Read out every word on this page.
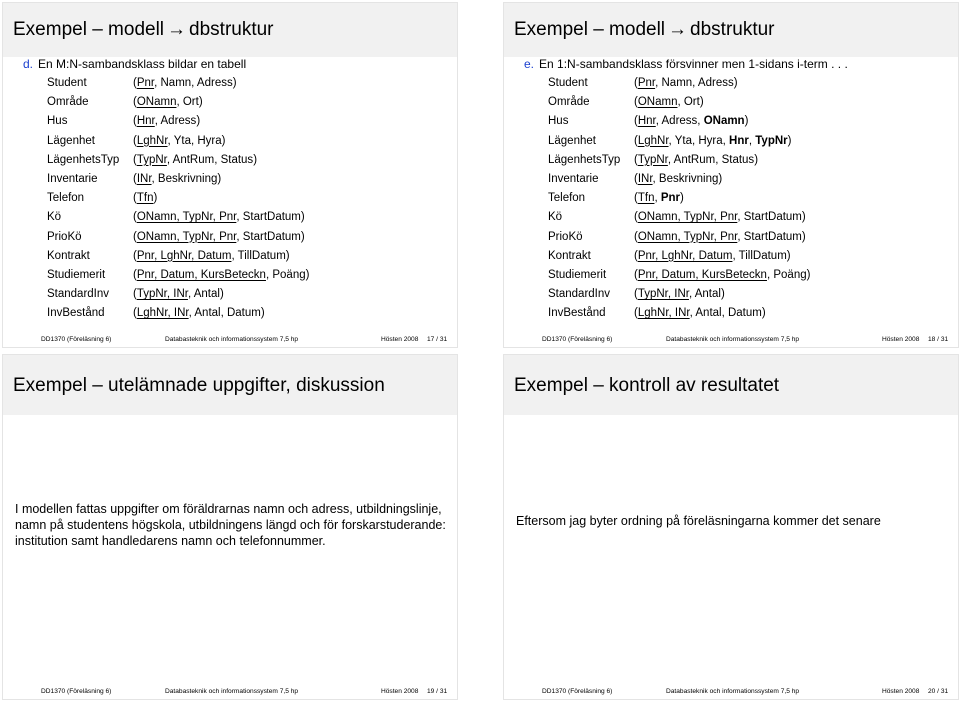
Exempel – modell → dbstruktur
d. En M:N-sambandsklass bildar en tabell
Student	(Pnr, Namn, Adress)
Område	(ONamn, Ort)
Hus	(Hnr, Adress)
Lägenhet	(LghNr, Yta, Hyra)
LägenhetsTyp (TypNr, AntRum, Status)
Inventarie	(INr, Beskrivning)
Telefon	(Tfn)
Kö	(ONamn, TypNr, Pnr, StartDatum)
PrioKö	(ONamn, TypNr, Pnr, StartDatum)
Kontrakt	(Pnr, LghNr, Datum, TillDatum)
Studiemerit (Pnr, Datum, KursBeteckn, Poäng)
StandardInv (TypNr, INr, Antal)
InvBestånd (LghNr, INr, Antal, Datum)
DD1370 (Föreläsning 6)	Databasteknik och informationssystem 7,5 hp	Hösten 2008 17 / 31
Exempel – modell → dbstruktur
e. En 1:N-sambandsklass försvinner men 1-sidans i-term . . .
Student	(Pnr, Namn, Adress)
Område	(ONamn, Ort)
Hus	(Hnr, Adress, ONamn)
Lägenhet	(LghNr, Yta, Hyra, Hnr, TypNr)
LägenhetsTyp (TypNr, AntRum, Status)
Inventarie	(INr, Beskrivning)
Telefon	(Tfn, Pnr)
Kö	(ONamn, TypNr, Pnr, StartDatum)
PrioKö	(ONamn, TypNr, Pnr, StartDatum)
Kontrakt	(Pnr, LghNr, Datum, TillDatum)
Studiemerit (Pnr, Datum, KursBeteckn, Poäng)
StandardInv (TypNr, INr, Antal)
InvBestånd (LghNr, INr, Antal, Datum)
DD1370 (Föreläsning 6)	Databasteknik och informationssystem 7,5 hp	Hösten 2008 18 / 31
Exempel – utelämnade uppgifter, diskussion
I modellen fattas uppgifter om föräldrarnas namn och adress, utbildningslinje, namn på studentens högskola, utbildningens längd och för forskarstuderande: institution samt handledarens namn och telefonnummer.
DD1370 (Föreläsning 6)	Databasteknik och informationssystem 7,5 hp	Hösten 2008 19 / 31
Exempel – kontroll av resultatet
Eftersom jag byter ordning på föreläsningarna kommer det senare
DD1370 (Föreläsning 6)	Databasteknik och informationssystem 7,5 hp	Hösten 2008 20 / 31
